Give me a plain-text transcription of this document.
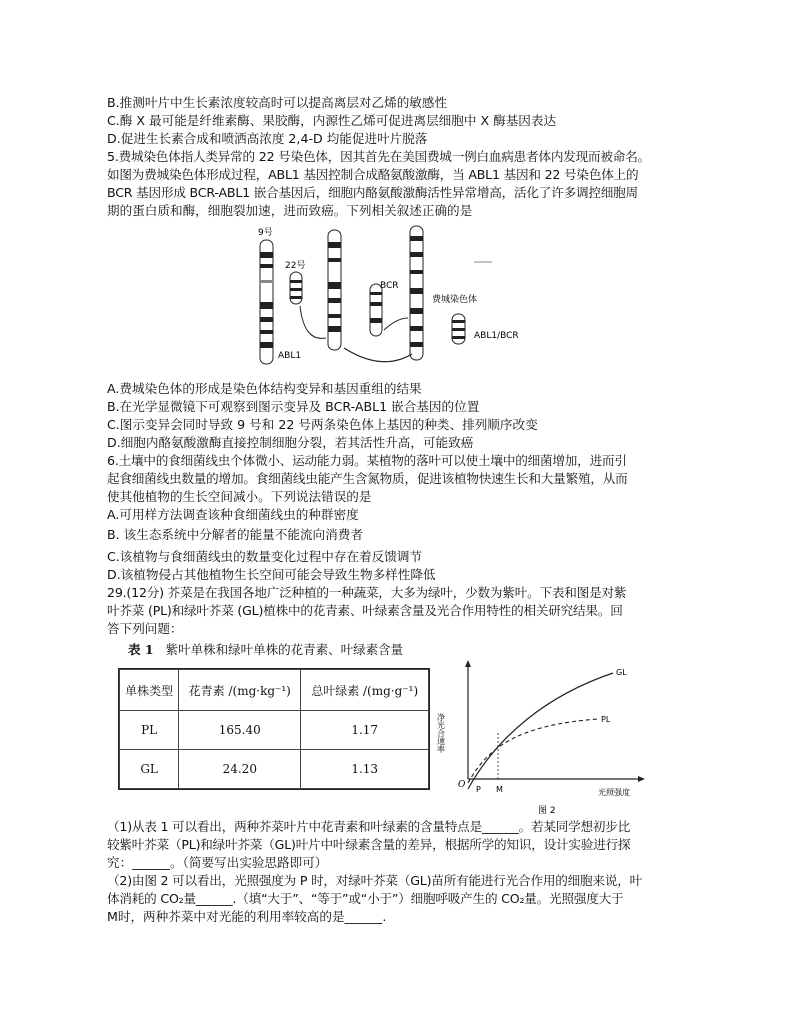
B.推测叶片中生长素浓度较高时可以提高离层对乙烯的敏感性
C.酶 X 最可能是纤维素酶、果胶酶，内源性乙烯可促进离层细胞中 X 酶基因表达
D.促进生长素合成和喷洒高浓度 2,4-D 均能促进叶片脱落
5.费城染色体指人类异常的 22 号染色体，因其首先在美国费城一例白血病患者体内发现而被命名。
如图为费城染色体形成过程，ABL1 基因控制合成酪氨酸激酶，当 ABL1 基因和 22 号染色体上的
BCR 基因形成 BCR-ABL1 嵌合基因后，细胞内酪氨酸激酶活性异常增高，活化了许多调控细胞周
期的蛋白质和酶，细胞裂加速，进而致癌。下列相关叙述正确的是
9号
ABL1
22号
BCR
费城染色体
ABL1/BCR
A.费城染色体的形成是染色体结构变异和基因重组的结果
B.在光学显微镜下可观察到图示变异及 BCR-ABL1 嵌合基因的位置
C.图示变异会同时导致 9 号和 22 号两条染色体上基因的种类、排列顺序改变
D.细胞内酪氨酸激酶直接控制细胞分裂，若其活性升高，可能致癌
6.土壤中的食细菌线虫个体微小、运动能力弱。某植物的落叶可以使土壤中的细菌增加，进而引
起食细菌线虫数量的增加。食细菌线虫能产生含氮物质，促进该植物快速生长和大量繁殖，从而
使其他植物的生长空间减小。下列说法错误的是
A.可用样方法调查该种食细菌线虫的种群密度
B. 该生态系统中分解者的能量不能流向消费者
C.该植物与食细菌线虫的数量变化过程中存在着反馈调节
D.该植物侵占其他植物生长空间可能会导致生物多样性降低
29.(12分) 芥菜是在我国各地广泛种植的一种蔬菜，大多为绿叶，少数为紫叶。下表和图是对紫
叶芥菜 (PL)和绿叶芥菜 (GL)植株中的花青素、叶绿素含量及光合作用特性的相关研究结果。回
答下列问题：
表 1 紫叶单株和绿叶单株的花青素、叶绿素含量
单株类型	花青素 /(mg·kg⁻¹)	总叶绿素 /(mg·g⁻¹)
PL	165.40	1.17
GL	24.20	1.13
净光合速率
光照强度
O P M
GL
PL
图 2
（1)从表 1 可以看出，两种芥菜叶片中花青素和叶绿素的含量特点是______。若某同学想初步比
较紫叶芥菜（PL)和绿叶芥菜（GL)叶片中叶绿素含量的差异，根据所学的知识，设计实验进行探
究：______。（简要写出实验思路即可）
（2)由图 2 可以看出，光照强度为 P 时，对绿叶芥菜（GL)苗所有能进行光合作用的细胞来说，叶
体消耗的 CO₂量______.（填“大于”、“等于”或“小于”）细胞呼吸产生的 CO₂量。光照强度大于
M时，两种芥菜中对光能的利用率较高的是______.
